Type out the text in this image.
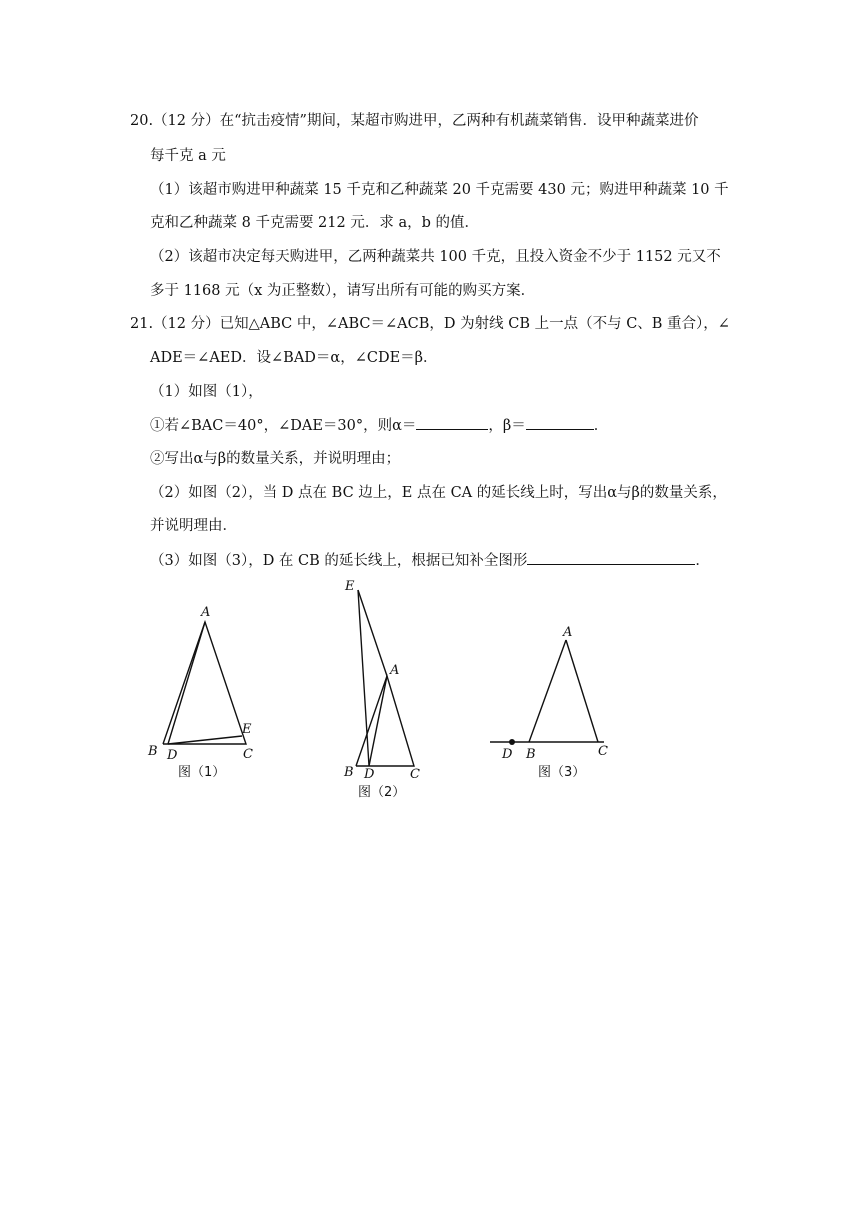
20.（12 分）在“抗击疫情”期间，某超市购进甲，乙两种有机蔬菜销售．设甲种蔬菜进价
每千克 a 元
（1）该超市购进甲种蔬菜 15 千克和乙种蔬菜 20 千克需要 430 元；购进甲种蔬菜 10 千
克和乙种蔬菜 8 千克需要 212 元．求 a，b 的值．
（2）该超市决定每天购进甲，乙两种蔬菜共 100 千克，且投入资金不少于 1152 元又不
多于 1168 元（x 为正整数），请写出所有可能的购买方案．
21.（12 分）已知△ABC 中，∠ABC＝∠ACB，D 为射线 CB 上一点（不与 C、B 重合），∠
ADE＝∠AED．设∠BAD＝α，∠CDE＝β．
（1）如图（1），
①若∠BAC＝40°，∠DAE＝30°，则α＝	，β＝	．
②写出α与β的数量关系，并说明理由；
（2）如图（2），当 D 点在 BC 边上，E 点在 CA 的延长线上时，写出α与β的数量关系，
并说明理由．
（3）如图（3），D 在 CB 的延长线上，根据已知补全图形	．
A
B D	C
E
图（1）
E
A
B D	C
图（2）
A
D B	C
图（3）
